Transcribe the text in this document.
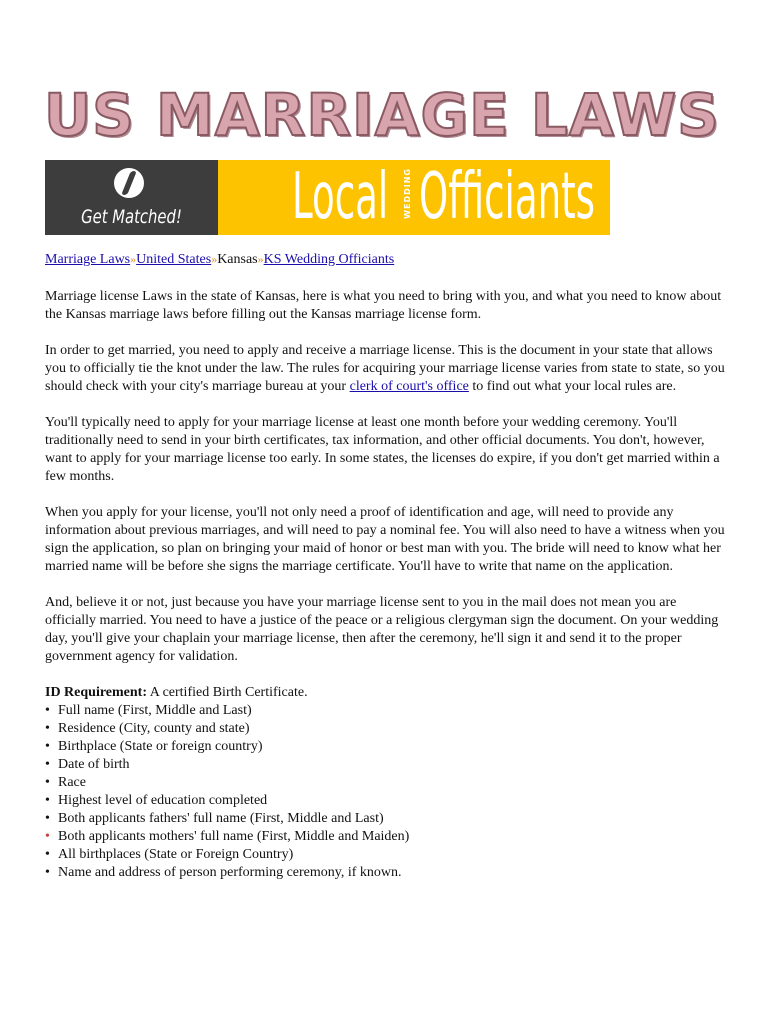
US MARRIAGE LAWS
Get Matched! Local WEDDING Officiants
Marriage Laws»United States»Kansas»KS Wedding Officiants

Marriage license Laws in the state of Kansas, here is what you need to bring with you, and what you need to know about the Kansas marriage laws before filling out the Kansas marriage license form.

In order to get married, you need to apply and receive a marriage license. This is the document in your state that allows you to officially tie the knot under the law. The rules for acquiring your marriage license varies from state to state, so you should check with your city's marriage bureau at your clerk of court's office to find out what your local rules are.

You'll typically need to apply for your marriage license at least one month before your wedding ceremony. You'll traditionally need to send in your birth certificates, tax information, and other official documents. You don't, however, want to apply for your marriage license too early. In some states, the licenses do expire, if you don't get married within a few months.

When you apply for your license, you'll not only need a proof of identification and age, will need to provide any information about previous marriages, and will need to pay a nominal fee. You will also need to have a witness when you sign the application, so plan on bringing your maid of honor or best man with you. The bride will need to know what her married name will be before she signs the marriage certificate. You'll have to write that name on the application.

And, believe it or not, just because you have your marriage license sent to you in the mail does not mean you are officially married. You need to have a justice of the peace or a religious clergyman sign the document. On your wedding day, you'll give your chaplain your marriage license, then after the ceremony, he'll sign it and send it to the proper government agency for validation.

ID Requirement: A certified Birth Certificate.
• Full name (First, Middle and Last)
• Residence (City, county and state)
• Birthplace (State or foreign country)
• Date of birth
• Race
• Highest level of education completed
• Both applicants fathers' full name (First, Middle and Last)
• Both applicants mothers' full name (First, Middle and Maiden)
• All birthplaces (State or Foreign Country)
• Name and address of person performing ceremony, if known.
